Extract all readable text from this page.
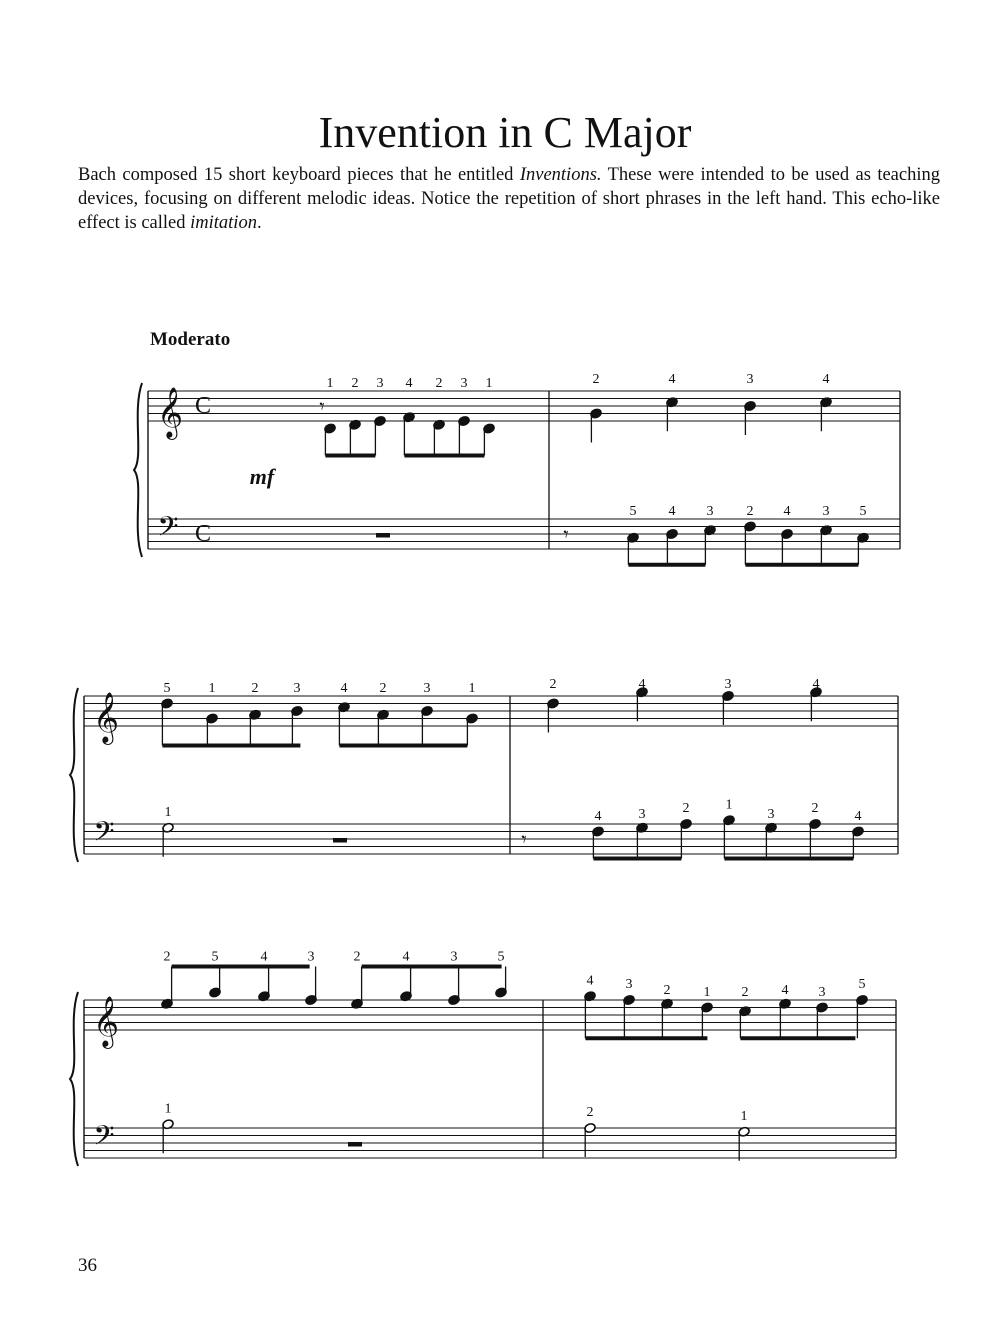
Invention in C Major

Bach composed 15 short keyboard pieces that he entitled Inventions. These were intended to be used as teaching devices, focusing on different melodic ideas. Notice the repetition of short phrases in the left hand. This echo-like effect is called imitation.

Moderato
𝄞
𝄢
C
C
mf
𝄾
1 2 3 4 2 3 1	2	4	3	4
𝄾
5 4 3 2 4 3 5
𝄞
𝄢
5	1	2	3	4 2	3	1
1
2	4	3	4
𝄾
4	3	2	1
3	2
4
𝄞
𝄢
2	5	4	3	2	4	3	5
1
4 3 2 1 2 4 3
5
2	1
36
